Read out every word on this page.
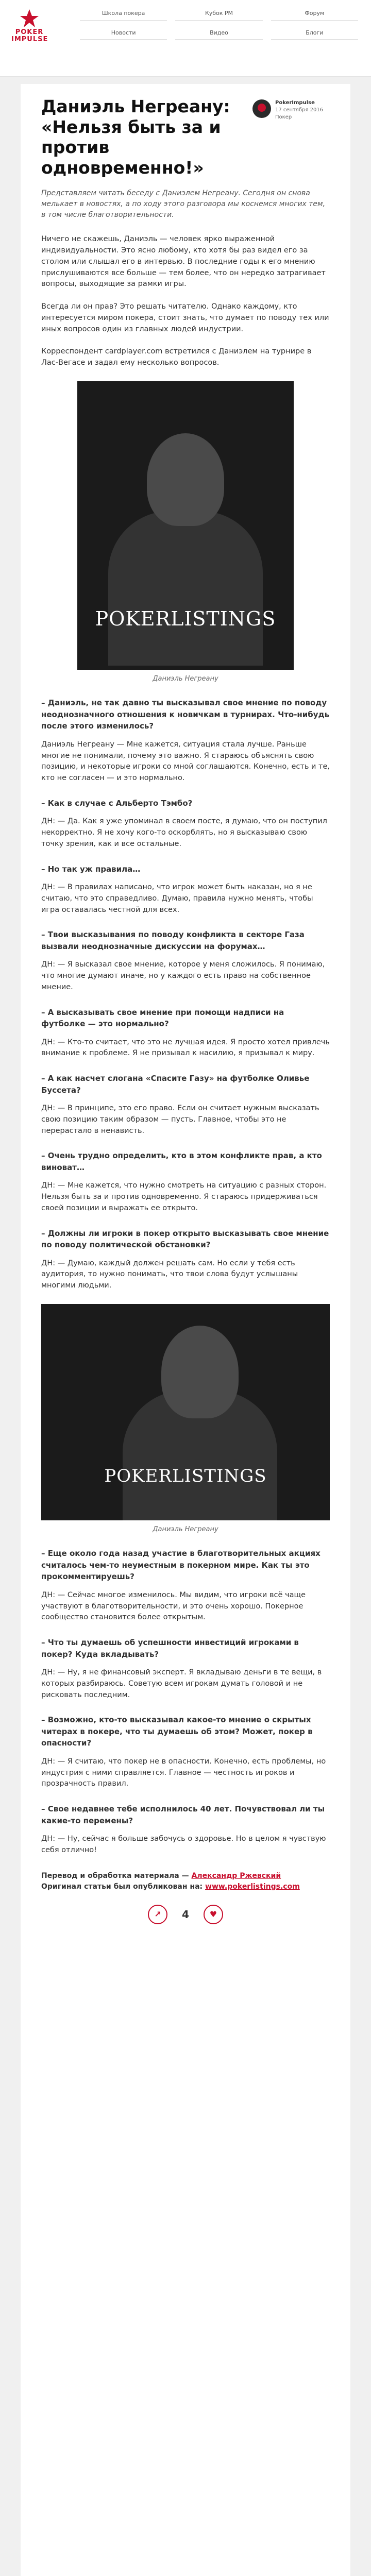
POKER
IMPULSE
Школа покера	Кубок PM	Форум
Новости	Видео	Блоги
Даниэль Негреану: «Нельзя быть за и против одновременно!»
PokerImpulse
17 сентября 2016
Покер
Представляем читать беседу с Даниэлем Негреану. Сегодня он снова мелькает в новостях, а по ходу этого разговора мы коснемся многих тем, в том числе благотворительности.

Ничего не скажешь, Даниэль — человек ярко выраженной индивидуальности. Это ясно любому, кто хотя бы раз видел его за столом или слышал его в интервью. В последние годы к его мнению прислушиваются все больше — тем более, что он нередко затрагивает вопросы, выходящие за рамки игры.

Всегда ли он прав? Это решать читателю. Однако каждому, кто интересуется миром покера, стоит знать, что думает по поводу тех или иных вопросов один из главных людей индустрии.

Корреспондент cardplayer.com встретился с Даниэлем на турнире в Лас-Вегасе и задал ему несколько вопросов.

POKERLISTINGS
Даниэль Негреану
– Даниэль, не так давно ты высказывал свое мнение по поводу неоднозначного отношения к новичкам в турнирах. Что-нибудь после этого изменилось?

Даниэль Негреану — Мне кажется, ситуация стала лучше. Раньше многие не понимали, почему это важно. Я стараюсь объяснять свою позицию, и некоторые игроки со мной соглашаются. Конечно, есть и те, кто не согласен — и это нормально.

– Как в случае с Альберто Тэмбо?

ДН: — Да. Как я уже упоминал в своем посте, я думаю, что он поступил некорректно. Я не хочу кого-то оскорблять, но я высказываю свою точку зрения, как и все остальные.

– Но так уж правила…

ДН: — В правилах написано, что игрок может быть наказан, но я не считаю, что это справедливо. Думаю, правила нужно менять, чтобы игра оставалась честной для всех.

– Твои высказывания по поводу конфликта в секторе Газа вызвали неоднозначные дискуссии на форумах…

ДН: — Я высказал свое мнение, которое у меня сложилось. Я понимаю, что многие думают иначе, но у каждого есть право на собственное мнение.

– А высказывать свое мнение при помощи надписи на футболке — это нормально?

ДН: — Кто-то считает, что это не лучшая идея. Я просто хотел привлечь внимание к проблеме. Я не призывал к насилию, я призывал к миру.

– А как насчет слогана «Спасите Газу» на футболке Оливье Буссета?

ДН: — В принципе, это его право. Если он считает нужным высказать свою позицию таким образом — пусть. Главное, чтобы это не перерастало в ненависть.

– Очень трудно определить, кто в этом конфликте прав, а кто виноват…

ДН: — Мне кажется, что нужно смотреть на ситуацию с разных сторон. Нельзя быть за и против одновременно. Я стараюсь придерживаться своей позиции и выражать ее открыто.

– Должны ли игроки в покер открыто высказывать свое мнение по поводу политической обстановки?

ДН: — Думаю, каждый должен решать сам. Но если у тебя есть аудитория, то нужно понимать, что твои слова будут услышаны многими людьми.

POKERLISTINGS
Даниэль Негреану
– Еще около года назад участие в благотворительных акциях считалось чем-то неуместным в покерном мире. Как ты это прокомментируешь?

ДН: — Сейчас многое изменилось. Мы видим, что игроки всё чаще участвуют в благотворительности, и это очень хорошо. Покерное сообщество становится более открытым.

– Что ты думаешь об успешности инвестиций игроками в покер? Куда вкладывать?

ДН: — Ну, я не финансовый эксперт. Я вкладываю деньги в те вещи, в которых разбираюсь. Советую всем игрокам думать головой и не рисковать последним.

– Возможно, кто-то высказывал какое-то мнение о скрытых читерах в покере, что ты думаешь об этом? Может, покер в опасности?

ДН: — Я считаю, что покер не в опасности. Конечно, есть проблемы, но индустрия с ними справляется. Главное — честность игроков и прозрачность правил.

– Свое недавнее тебе исполнилось 40 лет. Почувствовал ли ты какие-то перемены?

ДН: — Ну, сейчас я больше забочусь о здоровье. Но в целом я чувствую себя отлично!

Перевод и обработка материала — Александр Ржевский
Оригинал статьи был опубликован на: www.pokerlistings.com
↗	4	♥
